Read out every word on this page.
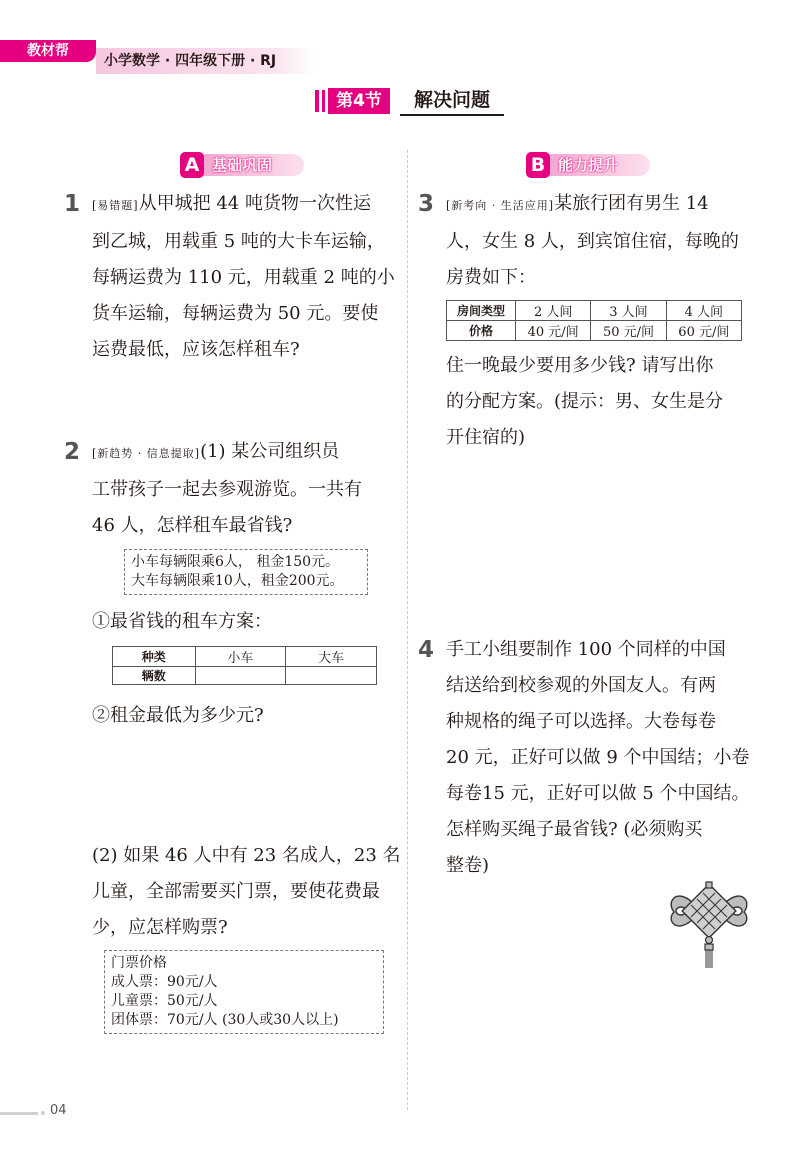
教材帮
小学数学 · 四年级下册 · RJ
第4节	解决问题
A 基础巩固	B 能力提升
1 [易错题]从甲城把 44 吨货物一次性运
到乙城，用载重 5 吨的大卡车运输，
每辆运费为 110 元，用载重 2 吨的小
货车运输，每辆运费为 50 元。要使
运费最低，应该怎样租车?
2 [新趋势 · 信息提取](1) 某公司组织员
工带孩子一起去参观游览。一共有
46 人，怎样租车最省钱?
小车每辆限乘6人， 租金150元。
大车每辆限乘10人，租金200元。
①最省钱的租车方案：
种类	小车	大车
辆数		
②租金最低为多少元?
(2) 如果 46 人中有 23 名成人，23 名
儿童，全部需要买门票，要使花费最
少，应怎样购票?
门票价格
成人票：90元/人
儿童票：50元/人
团体票：70元/人 (30人或30人以上)
3 [新考向 · 生活应用]某旅行团有男生 14
人，女生 8 人，到宾馆住宿，每晚的
房费如下：
房间类型	2 人间	3 人间	4 人间
价格	40 元/间	50 元/间	60 元/间
住一晚最少要用多少钱? 请写出你
的分配方案。(提示：男、女生是分
开住宿的)
4 手工小组要制作 100 个同样的中国
结送给到校参观的外国友人。有两
种规格的绳子可以选择。大卷每卷
20 元，正好可以做 9 个中国结；小卷
每卷15 元，正好可以做 5 个中国结。
怎样购买绳子最省钱? (必须购买
整卷)
04
